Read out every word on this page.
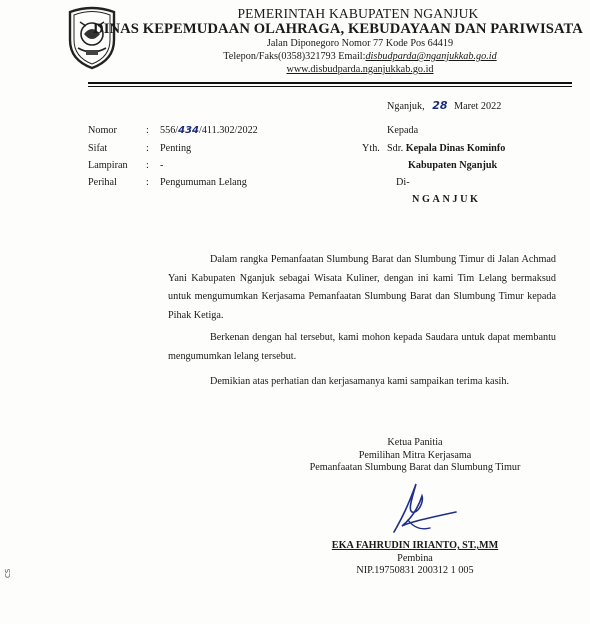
PEMERINTAH KABUPATEN NGANJUK
DINAS KEPEMUDAAN OLAHRAGA, KEBUDAYAAN DAN PARIWISATA
Jalan Diponegoro Nomor 77 Kode Pos 64419
Telepon/Faks(0358)321793 Email:disbudparda@nganjukkab.go.id
www.disbudparda.nganjukkab.go.id
Nganjuk, 28 Maret 2022
Nomor	: 556/434/411.302/2022
Sifat	: Penting
Lampiran : -
Perihal	: Pengumuman Lelang
Kepada
Yth. Sdr. Kepala Dinas Kominfo
Kabupaten Nganjuk
Di-
NGANJUK
Dalam rangka Pemanfaatan Slumbung Barat dan Slumbung Timur di Jalan Achmad Yani Kabupaten Nganjuk sebagai Wisata Kuliner, dengan ini kami Tim Lelang bermaksud untuk mengumumkan Kerjasama Pemanfaatan Slumbung Barat dan Slumbung Timur kepada Pihak Ketiga.
Berkenan dengan hal tersebut, kami mohon kepada Saudara untuk dapat membantu mengumumkan lelang tersebut.
Demikian atas perhatian dan kerjasamanya kami sampaikan terima kasih.
Ketua Panitia
Pemilihan Mitra Kerjasama
Pemanfaatan Slumbung Barat dan Slumbung Timur
EKA FAHRUDIN IRIANTO, ST.,MM
Pembina
NIP.19750831 200312 1 005
CS
